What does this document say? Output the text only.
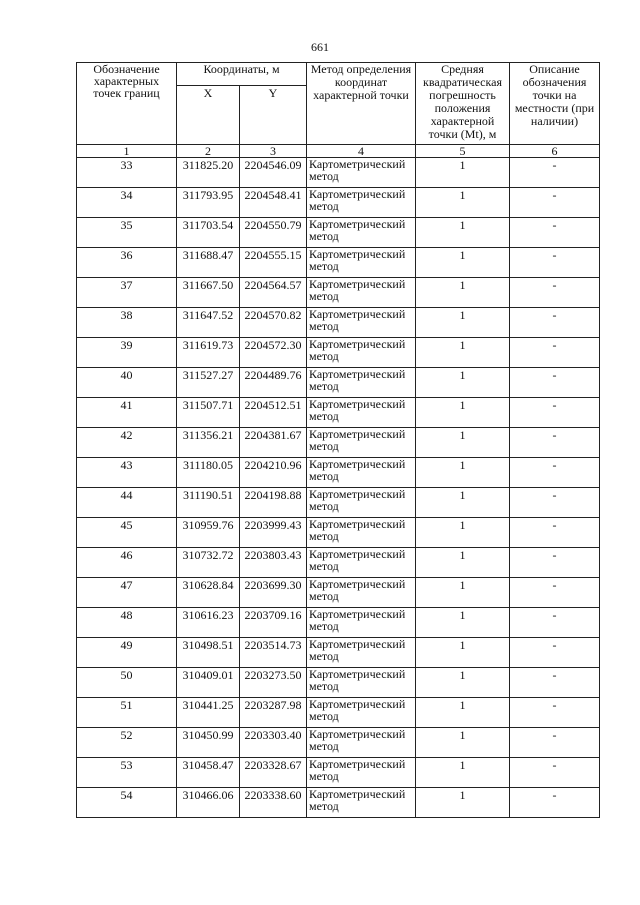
661
Обозначение характерных точек границ	Координаты, м		Метод определения координат характерной точки	Средняя квадратическая погрешность положения характерной точки (Mt), м	Описание обозначения точки на местности (при наличии)
	X	Y			
1	2	3	4	5	6
33	311825.20	2204546.09	Картометрический метод	1	-
34	311793.95	2204548.41	Картометрический метод	1	-
35	311703.54	2204550.79	Картометрический метод	1	-
36	311688.47	2204555.15	Картометрический метод	1	-
37	311667.50	2204564.57	Картометрический метод	1	-
38	311647.52	2204570.82	Картометрический метод	1	-
39	311619.73	2204572.30	Картометрический метод	1	-
40	311527.27	2204489.76	Картометрический метод	1	-
41	311507.71	2204512.51	Картометрический метод	1	-
42	311356.21	2204381.67	Картометрический метод	1	-
43	311180.05	2204210.96	Картометрический метод	1	-
44	311190.51	2204198.88	Картометрический метод	1	-
45	310959.76	2203999.43	Картометрический метод	1	-
46	310732.72	2203803.43	Картометрический метод	1	-
47	310628.84	2203699.30	Картометрический метод	1	-
48	310616.23	2203709.16	Картометрический метод	1	-
49	310498.51	2203514.73	Картометрический метод	1	-
50	310409.01	2203273.50	Картометрический метод	1	-
51	310441.25	2203287.98	Картометрический метод	1	-
52	310450.99	2203303.40	Картометрический метод	1	-
53	310458.47	2203328.67	Картометрический метод	1	-
54	310466.06	2203338.60	Картометрический метод	1	-
